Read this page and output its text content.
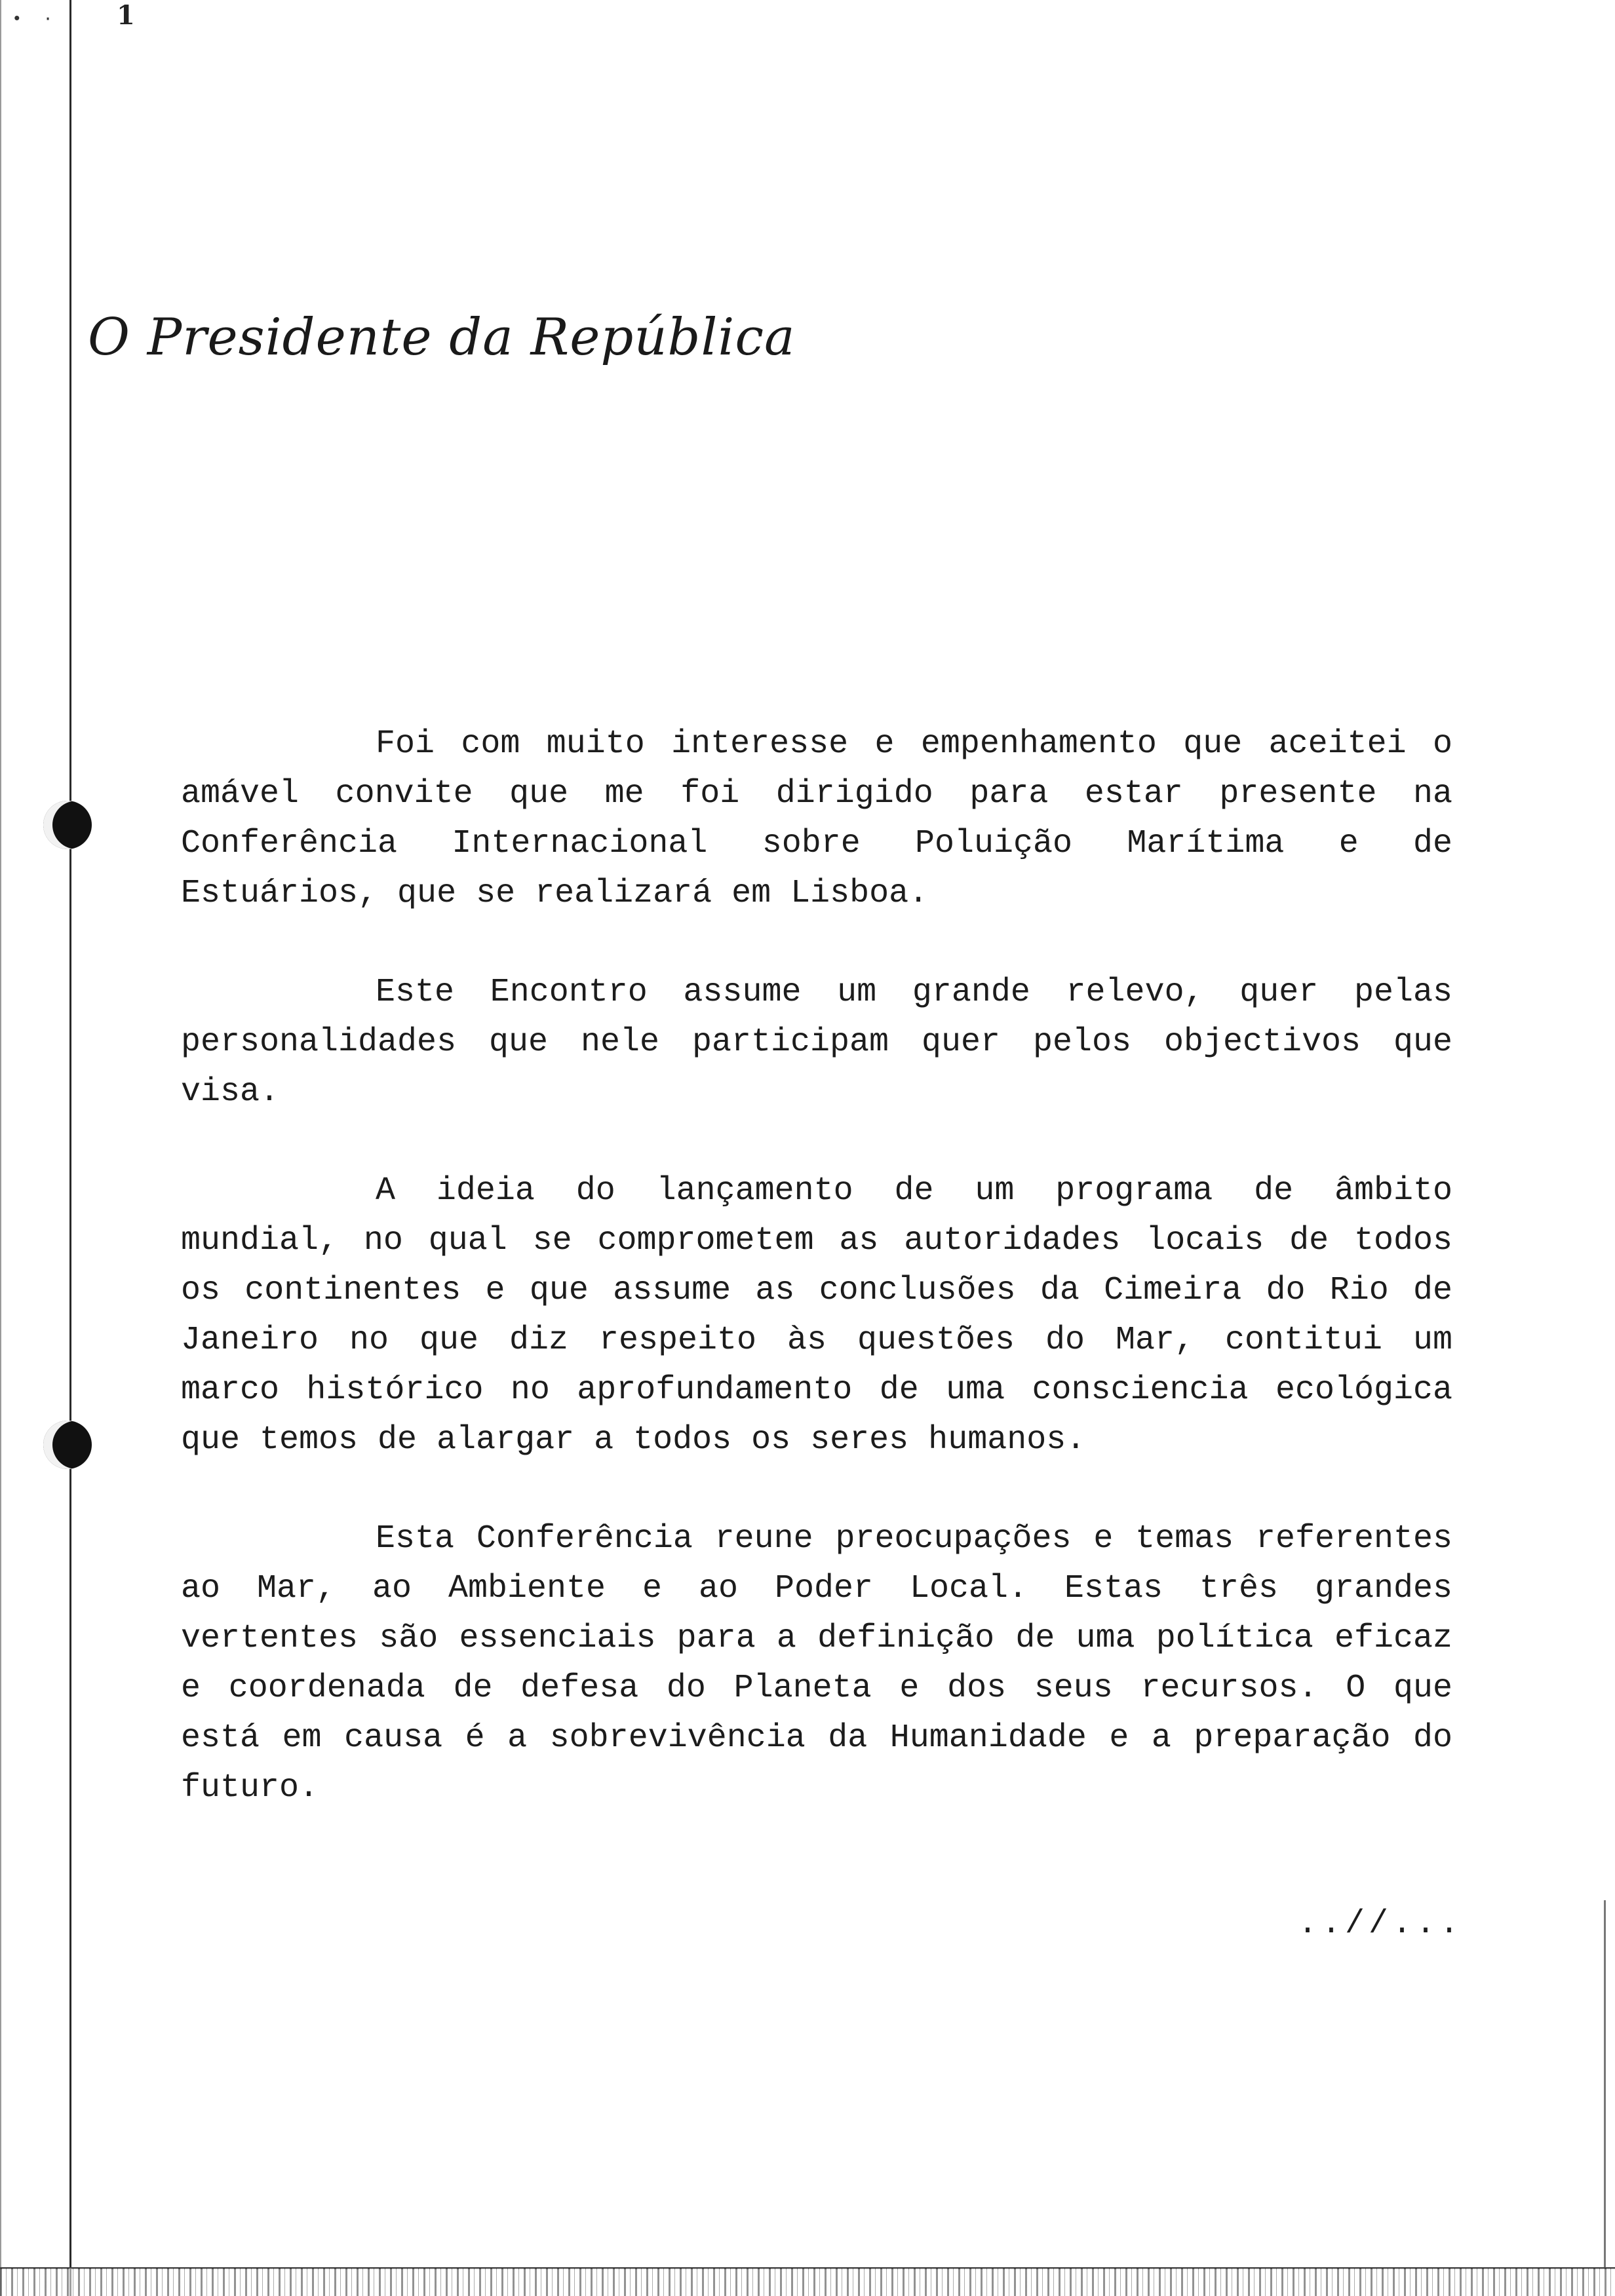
• · 1
O Presidente da República

Foi com muito interesse e empenhamento que aceitei o amável convite que me foi dirigido para estar presente na Conferência Internacional sobre Poluição Marítima e de Estuários, que se realizará em Lisboa.

Este Encontro assume um grande relevo, quer pelas personalidades que nele participam quer pelos objectivos que visa.

A ideia do lançamento de um programa de âmbito mundial, no qual se comprometem as autoridades locais de todos os continentes e que assume as conclusões da Cimeira do Rio de Janeiro no que diz respeito às questões do Mar, contitui um marco histórico no aprofundamento de uma consciencia ecológica que temos de alargar a todos os seres humanos.

Esta Conferência reune preocupações e temas referentes ao Mar, ao Ambiente e ao Poder Local. Estas três grandes vertentes são essenciais para a definição de uma política eficaz e coordenada de defesa do Planeta e dos seus recursos. O que está em causa é a sobrevivência da Humanidade e a preparação do futuro.

..//...
